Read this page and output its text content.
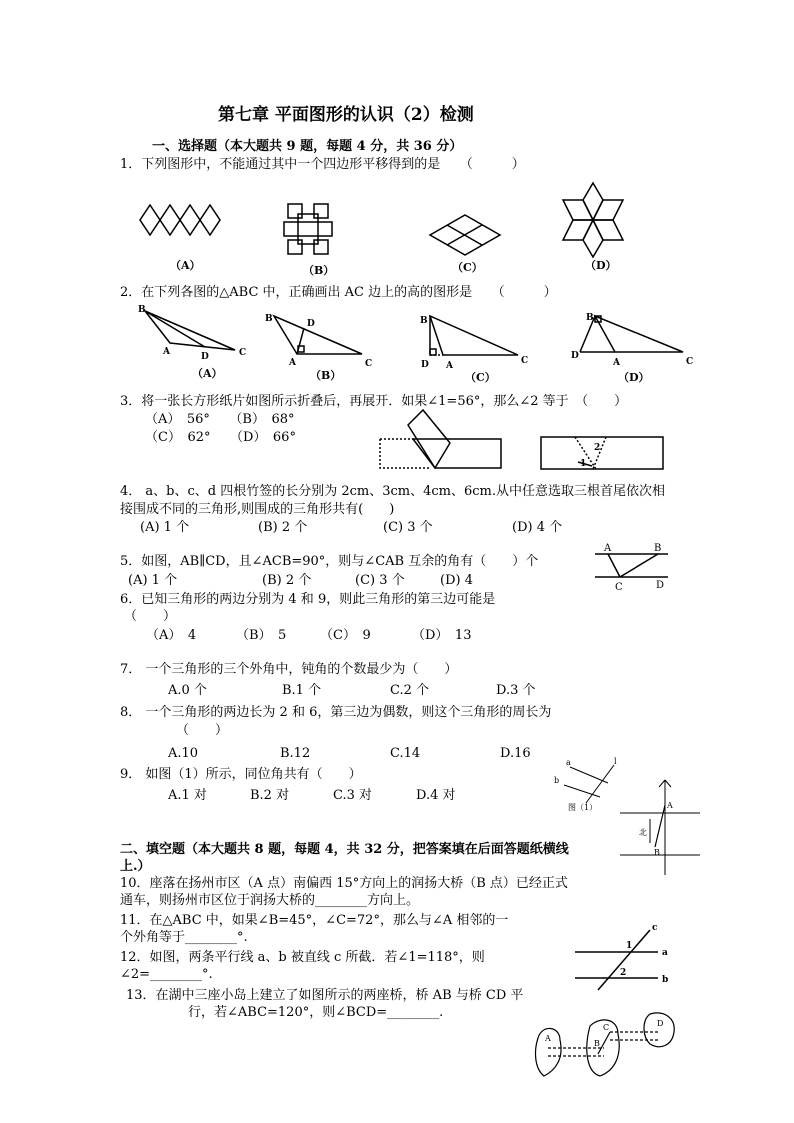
第七章 平面图形的认识（2）检测
一、选择题（本大题共 9 题，每题 4 分，共 36 分）
1．下列图形中，不能通过其中一个四边形平移得到的是　　（　　　）
（A）	（B）	（C）	（D）
2．在下列各图的△ABC 中，正确画出 AC 边上的高的图形是　　（　　　）
B
A	D	C
（A）
B	D
A	C
（B）
B
D A	C
（C）
B
D
A	C
（D）
3．将一张长方形纸片如图所示折叠后，再展开．如果∠1=56°，那么∠2 等于　（　　）
（A）　56°　　（B）　68°
（C）　62°　　（D）　66°
2
1
4． a、b、c、d 四根竹签的长分别为 2cm、3cm、4cm、6cm.从中任意选取三根首尾依次相
接围成不同的三角形,则围成的三角形共有(　　)
(A) 1 个	(B) 2 个	(C) 3 个	(D) 4 个
5．如图，AB∥CD，且∠ACB=90°，则与∠CAB 互余的角有（　　）个
(A) 1 个	(B) 2 个	(C) 3 个	(D) 4
A	B
C	D
6．已知三角形的两边分别为 4 和 9，则此三角形的第三边可能是
（　　）
（A）　4	（B）　5	（C）　9	（D）　13
7． 一个三角形的三个外角中，钝角的个数最少为（　　）
A.0 个	B.1 个	C.2 个	D.3 个
8． 一个三角形的两边长为 2 和 6，第三边为偶数，则这个三角形的周长为
（　　）
A.10	B.12	C.14	D.16
9． 如图（1）所示，同位角共有（　　）
A.1 对	B.2 对	C.3 对	D.4 对
a
b
l
图（1）	A
B
北
二、填空题（本大题共 8 题，每题 4，共 32 分，把答案填在后面答题纸横线
上.）
10．座落在扬州市区（A 点）南偏西 15°方向上的润扬大桥（B 点）已经正式
通车，则扬州市区位于润扬大桥的________方向上。
11．在△ABC 中，如果∠B=45°，∠C=72°，那么与∠A 相邻的一
个外角等于________°.
12．如图，两条平行线 a、b 被直线 c 所截．若∠1=118°，则
∠2=________°.
a
b
c
1
2
13．在湖中三座小岛上建立了如图所示的两座桥，桥 AB 与桥 CD 平
行，若∠ABC=120°，则∠BCD=________.
A
B
C	D
